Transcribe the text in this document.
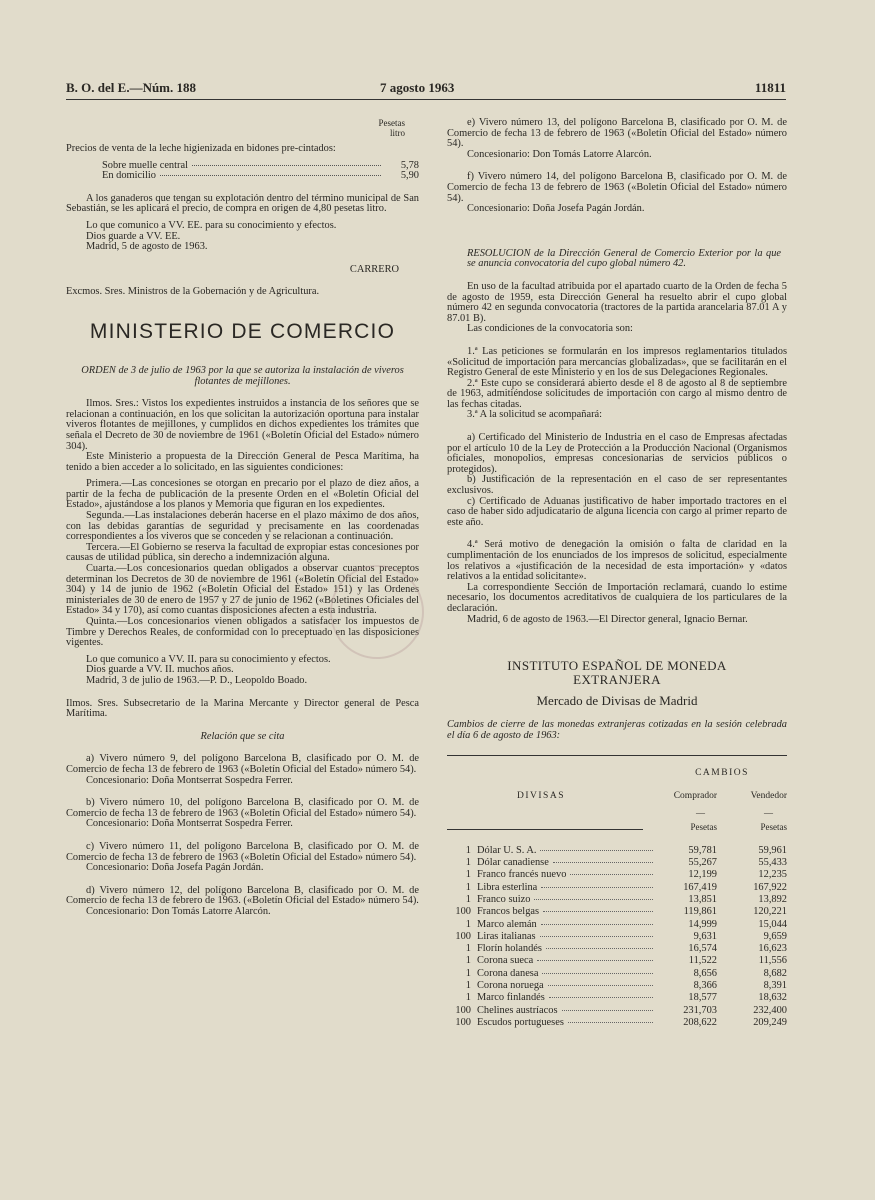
B. O. del E.—Núm. 188	7 agosto 1963	11811
Pesetas
litro

Precios de venta de la leche higienizada en bidones pre-cintados:

Sobre muelle central	5,78
En domicilio	5,90

A los ganaderos que tengan su explotación dentro del término municipal de San Sebastián, se les aplicará el precio, de compra en origen de 4,80 pesetas litro.

Lo que comunico a VV. EE. para su conocimiento y efectos.

Dios guarde a VV. EE.

Madrid, 5 de agosto de 1963.

CARRERO

Excmos. Sres. Ministros de la Gobernación y de Agricultura.

MINISTERIO DE COMERCIO

ORDEN de 3 de julio de 1963 por la que se autoriza la instalación de viveros flotantes de mejillones.

Ilmos. Sres.: Vistos los expedientes instruidos a instancia de los señores que se relacionan a continuación, en los que solicitan la autorización oportuna para instalar viveros flotantes de mejillones, y cumplidos en dichos expedientes los trámites que señala el Decreto de 30 de noviembre de 1961 («Boletín Oficial del Estado» número 304).

Este Ministerio a propuesta de la Dirección General de Pesca Marítima, ha tenido a bien acceder a lo solicitado, en las siguientes condiciones:

Primera.—Las concesiones se otorgan en precario por el plazo de diez años, a partir de la fecha de publicación de la presente Orden en el «Boletín Oficial del Estado», ajustándose a los planos y Memoria que figuran en los expedientes.

Segunda.—Las instalaciones deberán hacerse en el plazo máximo de dos años, con las debidas garantías de seguridad y precisamente en las coordenadas correspondientes a los viveros que se conceden y se relacionan a continuación.

Tercera.—El Gobierno se reserva la facultad de expropiar estas concesiones por causas de utilidad pública, sin derecho a indemnización alguna.

Cuarta.—Los concesionarios quedan obligados a observar cuantos preceptos determinan los Decretos de 30 de noviembre de 1961 («Boletín Oficial del Estado» 304) y 14 de junio de 1962 («Boletín Oficial del Estado» 151) y las Ordenes ministeriales de 30 de enero de 1957 y 27 de junio de 1962 («Boletines Oficiales del Estado» 34 y 170), así como cuantas disposiciones afecten a esta industria.

Quinta.—Los concesionarios vienen obligados a satisfacer los impuestos de Timbre y Derechos Reales, de conformidad con lo preceptuado en las disposiciones vigentes.

Lo que comunico a VV. II. para su conocimiento y efectos.

Dios guarde a VV. II. muchos años.

Madrid, 3 de julio de 1963.—P. D., Leopoldo Boado.

Ilmos. Sres. Subsecretario de la Marina Mercante y Director general de Pesca Marítima.

Relación que se cita

a) Vivero número 9, del polígono Barcelona B, clasificado por O. M. de Comercio de fecha 13 de febrero de 1963 («Boletín Oficial del Estado» número 54).

Concesionario: Doña Montserrat Sospedra Ferrer.

b) Vivero número 10, del polígono Barcelona B, clasificado por O. M. de Comercio de fecha 13 de febrero de 1963 («Boletín Oficial del Estado» número 54).

Concesionario: Doña Montserrat Sospedra Ferrer.

c) Vivero número 11, del polígono Barcelona B, clasificado por O. M. de Comercio de fecha 13 de febrero de 1963 («Boletín Oficial del Estado» número 54).

Concesionario: Doña Josefa Pagán Jordán.

d) Vivero número 12, del polígono Barcelona B, clasificado por O. M. de Comercio de fecha 13 de febrero de 1963. («Boletín Oficial del Estado» número 54).

Concesionario: Don Tomás Latorre Alarcón.

e) Vivero número 13, del polígono Barcelona B, clasificado por O. M. de Comercio de fecha 13 de febrero de 1963 («Boletín Oficial del Estado» número 54).

Concesionario: Don Tomás Latorre Alarcón.

f) Vivero número 14, del polígono Barcelona B, clasificado por O. M. de Comercio de fecha 13 de febrero de 1963 («Boletín Oficial del Estado» número 54).

Concesionario: Doña Josefa Pagán Jordán.

RESOLUCION de la Dirección General de Comercio Exterior por la que se anuncia convocatoria del cupo global número 42.

En uso de la facultad atribuida por el apartado cuarto de la Orden de fecha 5 de agosto de 1959, esta Dirección General ha resuelto abrir el cupo global número 42 en segunda convocatoria (tractores de la partida arancelaria 87.01 A y 87.01 B).

Las condiciones de la convocatoria son:

1.ª Las peticiones se formularán en los impresos reglamentarios titulados «Solicitud de importación para mercancías globalizadas», que se facilitarán en el Registro General de este Ministerio y en los de sus Delegaciones Regionales.

2.ª Este cupo se considerará abierto desde el 8 de agosto al 8 de septiembre de 1963, admitiéndose solicitudes de importación con cargo al mismo dentro de las fechas citadas.

3.ª A la solicitud se acompañará:

a) Certificado del Ministerio de Industria en el caso de Empresas afectadas por el artículo 10 de la Ley de Protección a la Producción Nacional (Organismos oficiales, monopolios, empresas concesionarias de servicios públicos o protegidos).

b) Justificación de la representación en el caso de ser representantes exclusivos.

c) Certificado de Aduanas justificativo de haber importado tractores en el caso de haber sido adjudicatario de alguna licencia con cargo al primer reparto de este año.

4.ª Será motivo de denegación la omisión o falta de claridad en la cumplimentación de los enunciados de los impresos de solicitud, especialmente los relativos a «justificación de la necesidad de esta importación» y «datos relativos a la entidad solicitante».

La correspondiente Sección de Importación reclamará, cuando lo estime necesario, los documentos acreditativos de cualquiera de los particulares de la declaración.

Madrid, 6 de agosto de 1963.—El Director general, Ignacio Bernar.

INSTITUTO ESPAÑOL DE MONEDA
EXTRANJERA
Mercado de Divisas de Madrid

Cambios de cierre de las monedas extranjeras cotizadas en la sesión celebrada el día 6 de agosto de 1963:

CAMBIOS
DIVISAS	Comprador	Vendedor
—	—
Pesetas	Pesetas
1	Dólar U. S. A.	59,781	59,961
1	Dólar canadiense	55,267	55,433
1	Franco francés nuevo	12,199	12,235
1	Libra esterlina	167,419	167,922
1	Franco suizo	13,851	13,892
100	Francos belgas	119,861	120,221
1	Marco alemán	14,999	15,044
100	Liras italianas	9,631	9,659
1	Florín holandés	16,574	16,623
1	Corona sueca	11,522	11,556
1	Corona danesa	8,656	8,682
1	Corona noruega	8,366	8,391
1	Marco finlandés	18,577	18,632
100	Chelines austríacos	231,703	232,400
100	Escudos portugueses	208,622	209,249
